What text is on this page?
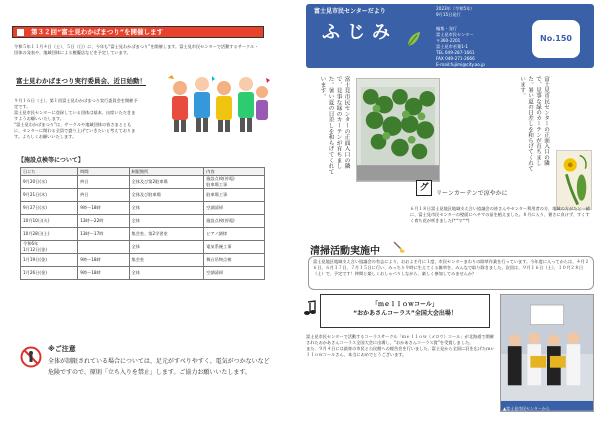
第３２回“富士見わかばまつり”を開催します
令和５年１１月４日（土）、５日（日）に、今年も“富士見わかばまつり”を開催します。富士見市民センターで活動するサークル・団体の発表や、地域団体による模擬店などを予定しています。
富士見わかばまつり実行委員会、近日始動！
９月１６日（土）、第１回富士見わかばまつり実行委員会を開催予定です。
富士見市民センターに登録している団体は基本、出席いただきますようお願いいたします。
“富士見わかばまつり”は、サークルや地域団体の皆さまとともに、センターに関わる全員で盛り上げていきたいと考えております。よろしくお願いいたします。
【施設点検等について】
日にち	時間	制限箇所	内容
9月20日(水)	終日	全体及び第2駐車場	施設点検(停電)
駐車場工事
9月21日(木)	終日	全体及び駐車場	駐車場工事
9月27日(水)	9時～18時	全体	空調清掃
10月10日(火)	13時～22時	全体	施設点検(停電)
10月28日(土)	13時～17時	集会室、第2学習室	ピアノ調律
令和6年
1月12日(金)		全体	電気系統工事
1月19日(金)	9時～18時	集会室	舞台吊物点検
1月26日(金)	9時～18時	全体	空調清掃
※ご注意
全体が制限されている場合については、足元がすべりやすく、電気がつかないなど危険ですので、原則「立ち入りを禁止」します。ご協力お願いいたします。
富士見市民センターだより
ふじみ
2023年（令和5年）
9月15日発行
編集・発行
富士見市民センター
〒360-2201
富士見市若葉1-1
TEL 049-287-1661
FAX 049-271-2666
E-mail:fujimi@city.ao.jp
No.150
富士見市民センターの正面入口の隣で、見事な緑のカーテンが育ちました。暑い夏の日差しを和らげてくれています。	富士見市民センターの正面入口の隣で、見事な緑のカーテンが育ちました。暑い夏の日差しを和らげてくれています。
グ
リーンカーテンで涼やかに
６月１８日富士見地区地域支え合い協議会の皆さんやセンター利用者の方、地域の方がたと一緒に、富士見市民センターの壁面にヘチマの苗を植えました。８月に入り、暑さに負けず、すくすく育ち花が咲きました(*^▽^*)
清掃活動実施中
富士見地区地域支え合い協議会の有志により、おおよそ月に１度、市民センターまわりの除草作業を行っています。今年度に入ってからは、４月２６日、６月１７日、７月１５日に行い、みっちり９時に生えてくる雑草を、みんなで取り除きました。次回は、９月１６日（土）、１０月２８日（土）で、予定です！仲間と楽しくおしゃべりしながら、楽しく参加してみませんか？
「ｍｅｌｌｏｗコール」
“おかあさんコーラス”全国大会出場！
富士見市民センターで活動するコーラスサークル「ｍｅｌｌｏｗ（メロウ）コール」が北海道で開催されたおかあさんコーラス全国大会に出場し、“おかあさんコーラス賞”を受賞しました。
また、９月４日には最寄の市民と公民館への報告会を行いました。富士見から全国に羽を広げたｍｅｌｌｏｗコールさん、本当におめでとうございます。
▲富士見市民センターから
